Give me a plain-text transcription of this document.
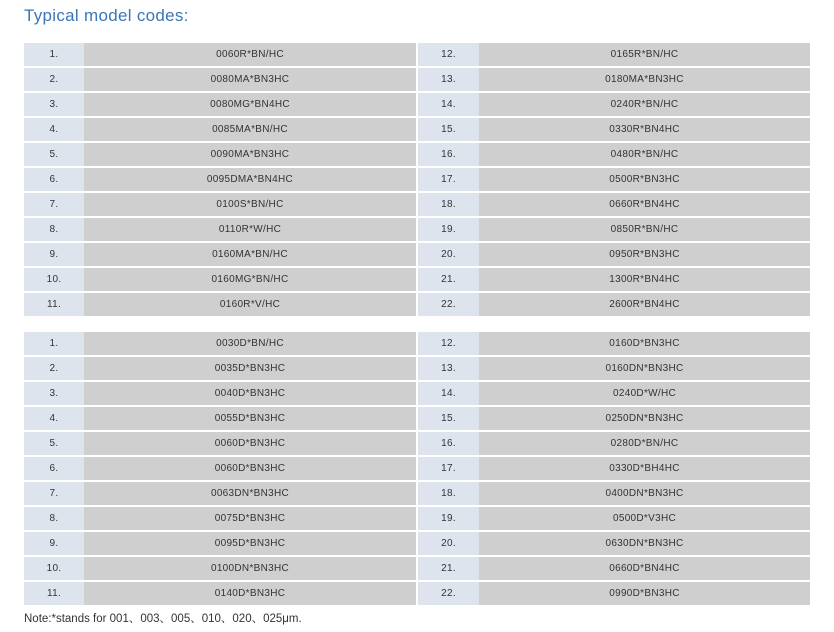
Typical model codes:
1.	0060R*BN/HC	12.	0165R*BN/HC
2.	0080MA*BN3HC	13.	0180MA*BN3HC
3.	0080MG*BN4HC	14.	0240R*BN/HC
4.	0085MA*BN/HC	15.	0330R*BN4HC
5.	0090MA*BN3HC	16.	0480R*BN/HC
6.	0095DMA*BN4HC	17.	0500R*BN3HC
7.	0100S*BN/HC	18.	0660R*BN4HC
8.	0110R*W/HC	19.	0850R*BN/HC
9.	0160MA*BN/HC	20.	0950R*BN3HC
10.	0160MG*BN/HC	21.	1300R*BN4HC
11.	0160R*V/HC	22.	2600R*BN4HC
1.	0030D*BN/HC	12.	0160D*BN3HC
2.	0035D*BN3HC	13.	0160DN*BN3HC
3.	0040D*BN3HC	14.	0240D*W/HC
4.	0055D*BN3HC	15.	0250DN*BN3HC
5.	0060D*BN3HC	16.	0280D*BN/HC
6.	0060D*BN3HC	17.	0330D*BH4HC
7.	0063DN*BN3HC	18.	0400DN*BN3HC
8.	0075D*BN3HC	19.	0500D*V3HC
9.	0095D*BN3HC	20.	0630DN*BN3HC
10.	0100DN*BN3HC	21.	0660D*BN4HC
11.	0140D*BN3HC	22.	0990D*BN3HC
Note:*stands for 001、003、005、010、020、025μm.
